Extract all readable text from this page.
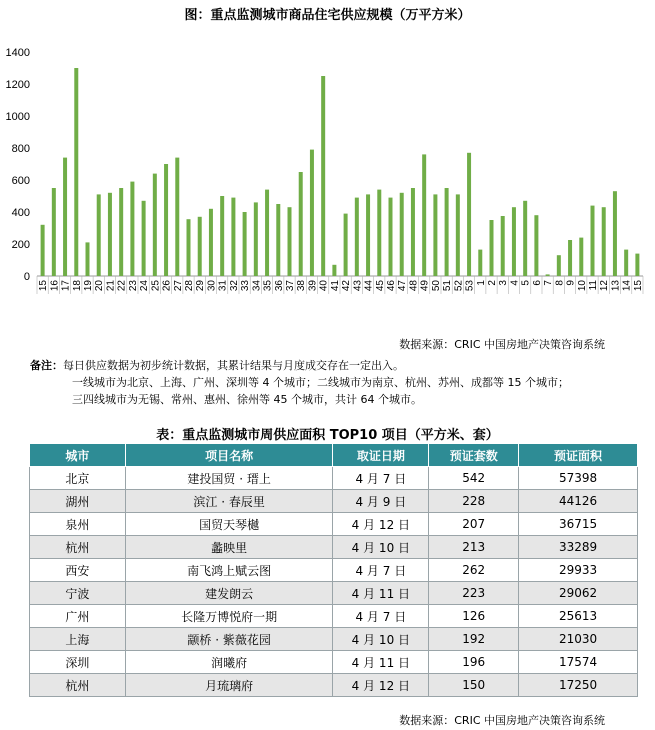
图：重点监测城市商品住宅供应规模（万平方米）
0
200
400
600
800
1000
1200
1400
15 16 17 18 19 20 21 22 23 24 25 26 27 28 29 30 31 32 33 34 35 36 37 38 39 40 41 42 43 44 45 46 47 48 49 50 51 52 53 1 2 3 4 5 6 7 8 9 10 11 12 13 14 15
数据来源：CRIC 中国房地产决策咨询系统
备注：每日供应数据为初步统计数据，其累计结果与月度成交存在一定出入。
一线城市为北京、上海、广州、深圳等 4 个城市；二线城市为南京、杭州、苏州、成都等 15 个城市；
三四线城市为无锡、常州、惠州、徐州等 45 个城市，共计 64 个城市。
表：重点监测城市周供应面积 TOP10 项目（平方米、套）
城市	项目名称	取证日期	预证套数	预证面积
北京	建投国贸 · 瑨上	4 月 7 日	542	57398
湖州	滨江 · 春辰里	4 月 9 日	228	44126
泉州	国贸天琴樾	4 月 12 日	207	36715
杭州	蠡映里	4 月 10 日	213	33289
西安	南飞鸿上赋云图	4 月 7 日	262	29933
宁波	建发朗云	4 月 11 日	223	29062
广州	长隆万博悦府一期	4 月 7 日	126	25613
上海	颛桥 · 紫薇花园	4 月 10 日	192	21030
深圳	润曦府	4 月 11 日	196	17574
杭州	月琉璃府	4 月 12 日	150	17250
数据来源：CRIC 中国房地产决策咨询系统
